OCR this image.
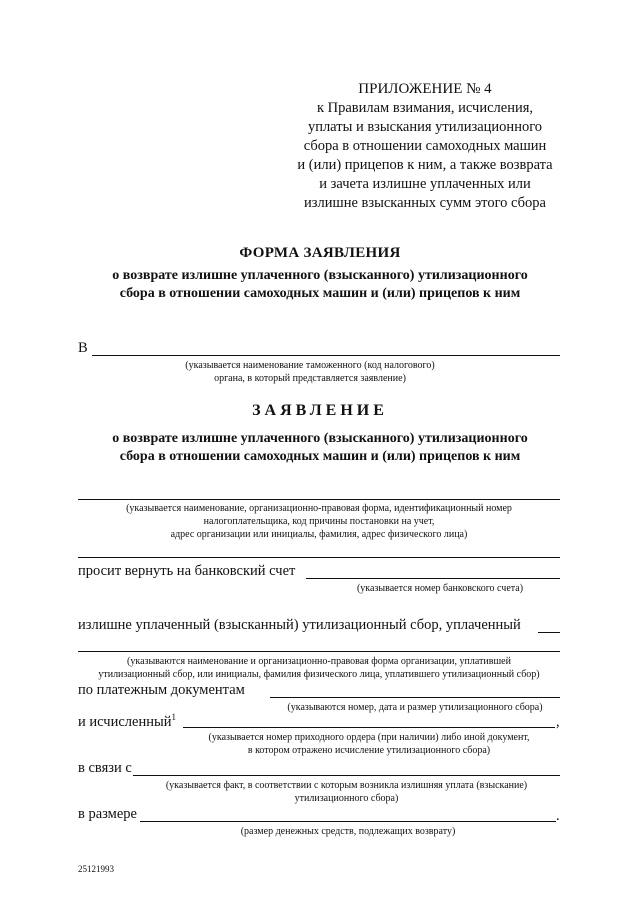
ПРИЛОЖЕНИЕ № 4
к Правилам взимания, исчисления,
уплаты и взыскания утилизационного
сбора в отношении самоходных машин
и (или) прицепов к ним, а также возврата
и зачета излишне уплаченных или
излишне взысканных сумм этого сбора
ФОРМА ЗАЯВЛЕНИЯ
о возврате излишне уплаченного (взысканного) утилизационного
сбора в отношении самоходных машин и (или) прицепов к ним
В
(указывается наименование таможенного (код налогового)
органа, в который представляется заявление)
ЗАЯВЛЕНИЕ
о возврате излишне уплаченного (взысканного) утилизационного
сбора в отношении самоходных машин и (или) прицепов к ним
(указывается наименование, организационно-правовая форма, идентификационный номер
налогоплательщика, код причины постановки на учет,
адрес организации или инициалы, фамилия, адрес физического лица)
просит вернуть на банковский счет
(указывается номер банковского счета)
излишне уплаченный (взысканный) утилизационный сбор, уплаченный
(указываются наименование и организационно-правовая форма организации, уплатившей
утилизационный сбор, или инициалы, фамилия физического лица, уплатившего утилизационный сбор)
по платежным документам
(указываются номер, дата и размер утилизационного сбора)
и исчисленный$^1$	,
(указывается номер приходного ордера (при наличии) либо иной документ,
в котором отражено исчисление утилизационного сбора)
в связи с
(указывается факт, в соответствии с которым возникла излишняя уплата (взыскание)
утилизационного сбора)
в размере	.
(размер денежных средств, подлежащих возврату)
25121993
